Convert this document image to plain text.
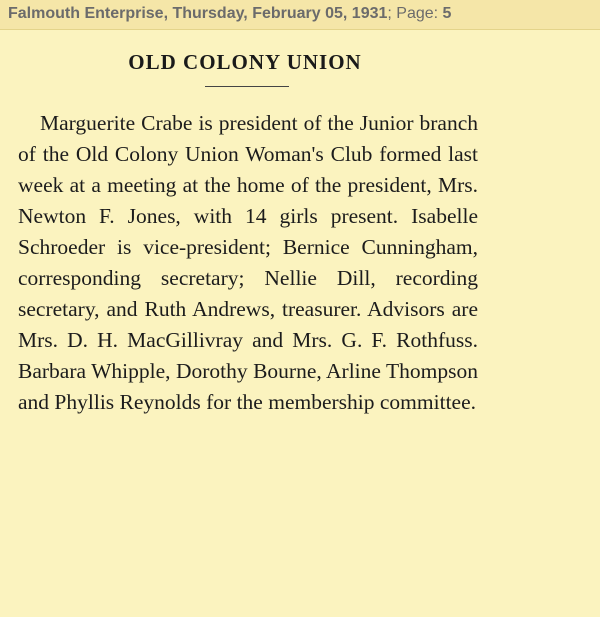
Falmouth Enterprise, Thursday, February 05, 1931; Page: 5
OLD COLONY UNION
Marguerite Crabe is president of the Junior branch of the Old Colony Union Woman's Club formed last week at a meeting at the home of the president, Mrs. Newton F. Jones, with 14 girls present. Isabelle Schroeder is vice-president; Bernice Cunningham, corresponding secretary; Nellie Dill, recording secretary, and Ruth Andrews, treasurer. Advisors are Mrs. D. H. MacGillivray and Mrs. G. F. Rothfuss. Barbara Whipple, Dorothy Bourne, Arline Thompson and Phyllis Reynolds for the membership committee.
